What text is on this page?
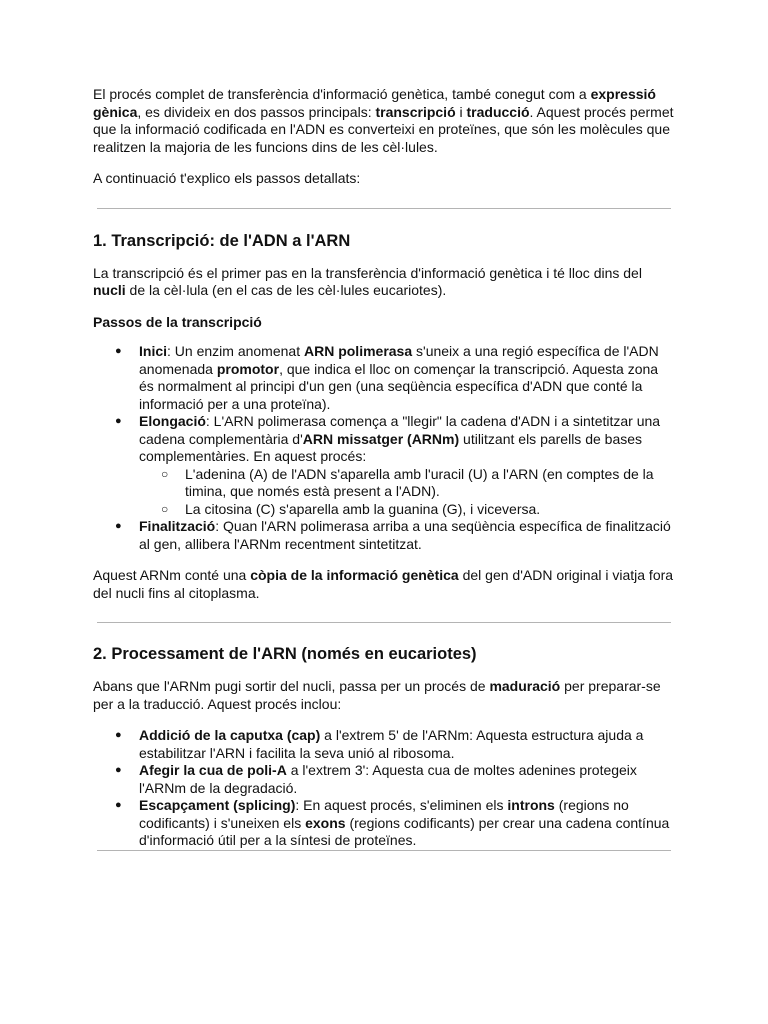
El procés complet de transferència d'informació genètica, també conegut com a expressió gènica, es divideix en dos passos principals: transcripció i traducció. Aquest procés permet que la informació codificada en l'ADN es converteixi en proteïnes, que són les molècules que realitzen la majoria de les funcions dins de les cèl·lules.

A continuació t'explico els passos detallats:

1. Transcripció: de l'ADN a l'ARN

La transcripció és el primer pas en la transferència d'informació genètica i té lloc dins del nucli de la cèl·lula (en el cas de les cèl·lules eucariotes).

Passos de la transcripció

● Inici: Un enzim anomenat ARN polimerasa s'uneix a una regió específica de l'ADN anomenada promotor, que indica el lloc on començar la transcripció. Aquesta zona és normalment al principi d'un gen (una seqüència específica d'ADN que conté la informació per a una proteïna).
● Elongació: L'ARN polimerasa comença a "llegir" la cadena d'ADN i a sintetitzar una cadena complementària d'ARN missatger (ARNm) utilitzant els parells de bases complementàries. En aquest procés:
○ L'adenina (A) de l'ADN s'aparella amb l'uracil (U) a l'ARN (en comptes de la timina, que només està present a l'ADN).
○ La citosina (C) s'aparella amb la guanina (G), i viceversa.
● Finalització: Quan l'ARN polimerasa arriba a una seqüència específica de finalització al gen, allibera l'ARNm recentment sintetitzat.

Aquest ARNm conté una còpia de la informació genètica del gen d'ADN original i viatja fora del nucli fins al citoplasma.

2. Processament de l'ARN (només en eucariotes)

Abans que l'ARNm pugi sortir del nucli, passa per un procés de maduració per preparar-se per a la traducció. Aquest procés inclou:

● Addició de la caputxa (cap) a l'extrem 5' de l'ARNm: Aquesta estructura ajuda a estabilitzar l'ARN i facilita la seva unió al ribosoma.
● Afegir la cua de poli-A a l'extrem 3': Aquesta cua de moltes adenines protegeix l'ARNm de la degradació.
● Escapçament (splicing): En aquest procés, s'eliminen els introns (regions no codificants) i s'uneixen els exons (regions codificants) per crear una cadena contínua d'informació útil per a la síntesi de proteïnes.
